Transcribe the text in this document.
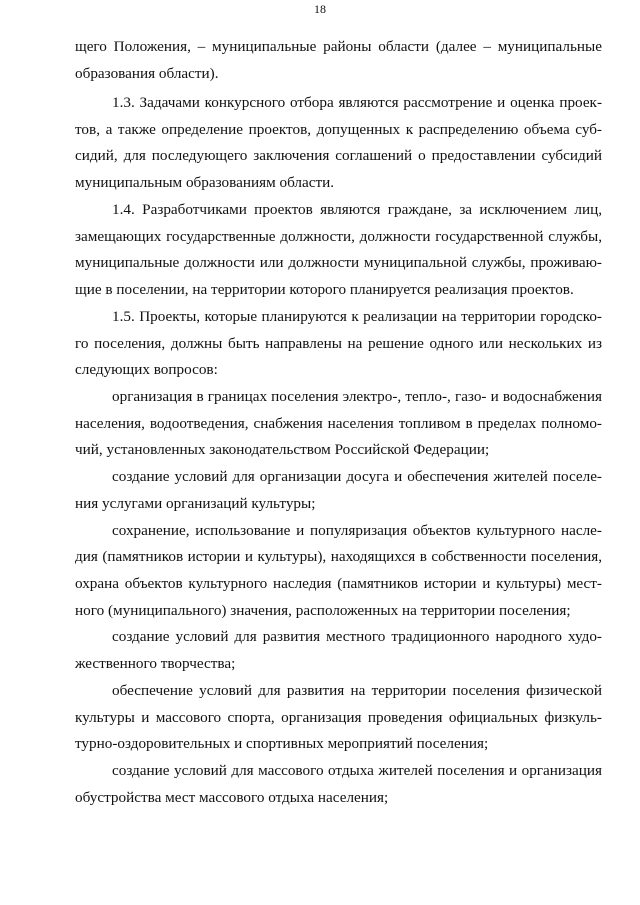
18
щего Положения, – муниципальные районы области (далее – муниципальные
образования области).
1.3. Задачами конкурсного отбора являются рассмотрение и оценка проек-
тов, а также определение проектов, допущенных к распределению объема суб-
сидий, для последующего заключения соглашений о предоставлении субсидий
муниципальным образованиям области.
1.4. Разработчиками проектов являются граждане, за исключением лиц,
замещающих государственные должности, должности государственной службы,
муниципальные должности или должности муниципальной службы, проживаю-
щие в поселении, на территории которого планируется реализация проектов.
1.5. Проекты, которые планируются к реализации на территории городско-
го поселения, должны быть направлены на решение одного или нескольких из
следующих вопросов:
организация в границах поселения электро-, тепло-, газо- и водоснабжения
населения, водоотведения, снабжения населения топливом в пределах полномо-
чий, установленных законодательством Российской Федерации;
создание условий для организации досуга и обеспечения жителей поселе-
ния услугами организаций культуры;
сохранение, использование и популяризация объектов культурного насле-
дия (памятников истории и культуры), находящихся в собственности поселения,
охрана объектов культурного наследия (памятников истории и культуры) мест-
ного (муниципального) значения, расположенных на территории поселения;
создание условий для развития местного традиционного народного худо-
жественного творчества;
обеспечение условий для развития на территории поселения физической
культуры и массового спорта, организация проведения официальных физкуль-
турно-оздоровительных и спортивных мероприятий поселения;
создание условий для массового отдыха жителей поселения и организация
обустройства мест массового отдыха населения;
